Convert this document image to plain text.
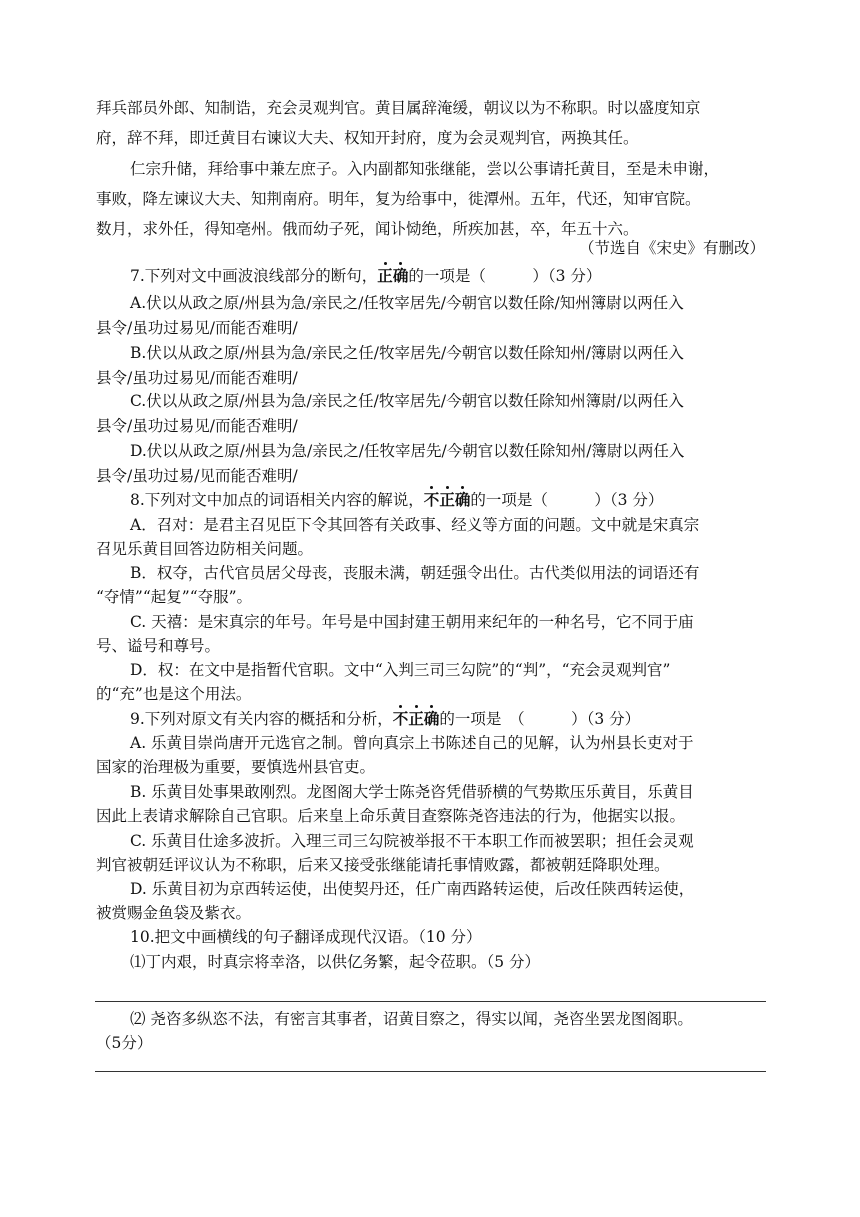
拜兵部员外郎、知制诰，充会灵观判官。黄目属辞淹缓，朝议以为不称职。时以盛度知京
府，辞不拜，即迁黄目右谏议大夫、权知开封府，度为会灵观判官，两换其任。
仁宗升储，拜给事中兼左庶子。入内副都知张继能，尝以公事请托黄目，至是未申谢，
事败，降左谏议大夫、知荆南府。明年，复为给事中，徙潭州。五年，代还，知审官院。
数月，求外任，得知亳州。俄而幼子死，闻讣恸绝，所疾加甚，卒，年五十六。
（节选自《宋史》有删改）
7.下列对文中画波浪线部分的断句，正确的一项是（　　　）（3 分）
A.伏以从政之原/州县为急/亲民之/任牧宰居先/今朝官以数任除/知州簿尉以两任入
县令/虽功过易见/而能否难明/
B.伏以从政之原/州县为急/亲民之任/牧宰居先/今朝官以数任除知州/簿尉以两任入
县令/虽功过易见/而能否难明/
C.伏以从政之原/州县为急/亲民之任/牧宰居先/今朝官以数任除知州簿尉/以两任入
县令/虽功过易见/而能否难明/
D.伏以从政之原/州县为急/亲民之/任牧宰居先/今朝官以数任除知州/簿尉以两任入
县令/虽功过易/见而能否难明/
8.下列对文中加点的词语相关内容的解说，不正确的一项是（　　　）（3 分）
A．召对：是君主召见臣下令其回答有关政事、经义等方面的问题。文中就是宋真宗
召见乐黄目回答边防相关问题。
B．权夺，古代官员居父母丧，丧服未满，朝廷强令出仕。古代类似用法的词语还有
“夺情”“起复”“夺服”。
C. 天禧：是宋真宗的年号。年号是中国封建王朝用来纪年的一种名号，它不同于庙
号、谥号和尊号。
D．权：在文中是指暂代官职。文中“入判三司三勾院”的“判”，“充会灵观判官”
的“充”也是这个用法。
9.下列对原文有关内容的概括和分析，不正确的一项是　（　　　）（3 分）
A. 乐黄目崇尚唐开元选官之制。曾向真宗上书陈述自己的见解，认为州县长吏对于
国家的治理极为重要，要慎选州县官吏。
B. 乐黄目处事果敢刚烈。龙图阁大学士陈尧咨凭借骄横的气势欺压乐黄目，乐黄目
因此上表请求解除自己官职。后来皇上命乐黄目查察陈尧咨违法的行为，他据实以报。
C. 乐黄目仕途多波折。入理三司三勾院被举报不干本职工作而被罢职；担任会灵观
判官被朝廷评议认为不称职，后来又接受张继能请托事情败露，都被朝廷降职处理。
D. 乐黄目初为京西转运使，出使契丹还，任广南西路转运使，后改任陕西转运使，
被赏赐金鱼袋及紫衣。
10.把文中画横线的句子翻译成现代汉语。（10 分）
⑴丁内艰，时真宗将幸洛，以供亿务繁，起令莅职。（5 分）
⑵ 尧咨多纵恣不法，有密言其事者，诏黄目察之，得实以闻，尧咨坐罢龙图阁职。
（5分）
